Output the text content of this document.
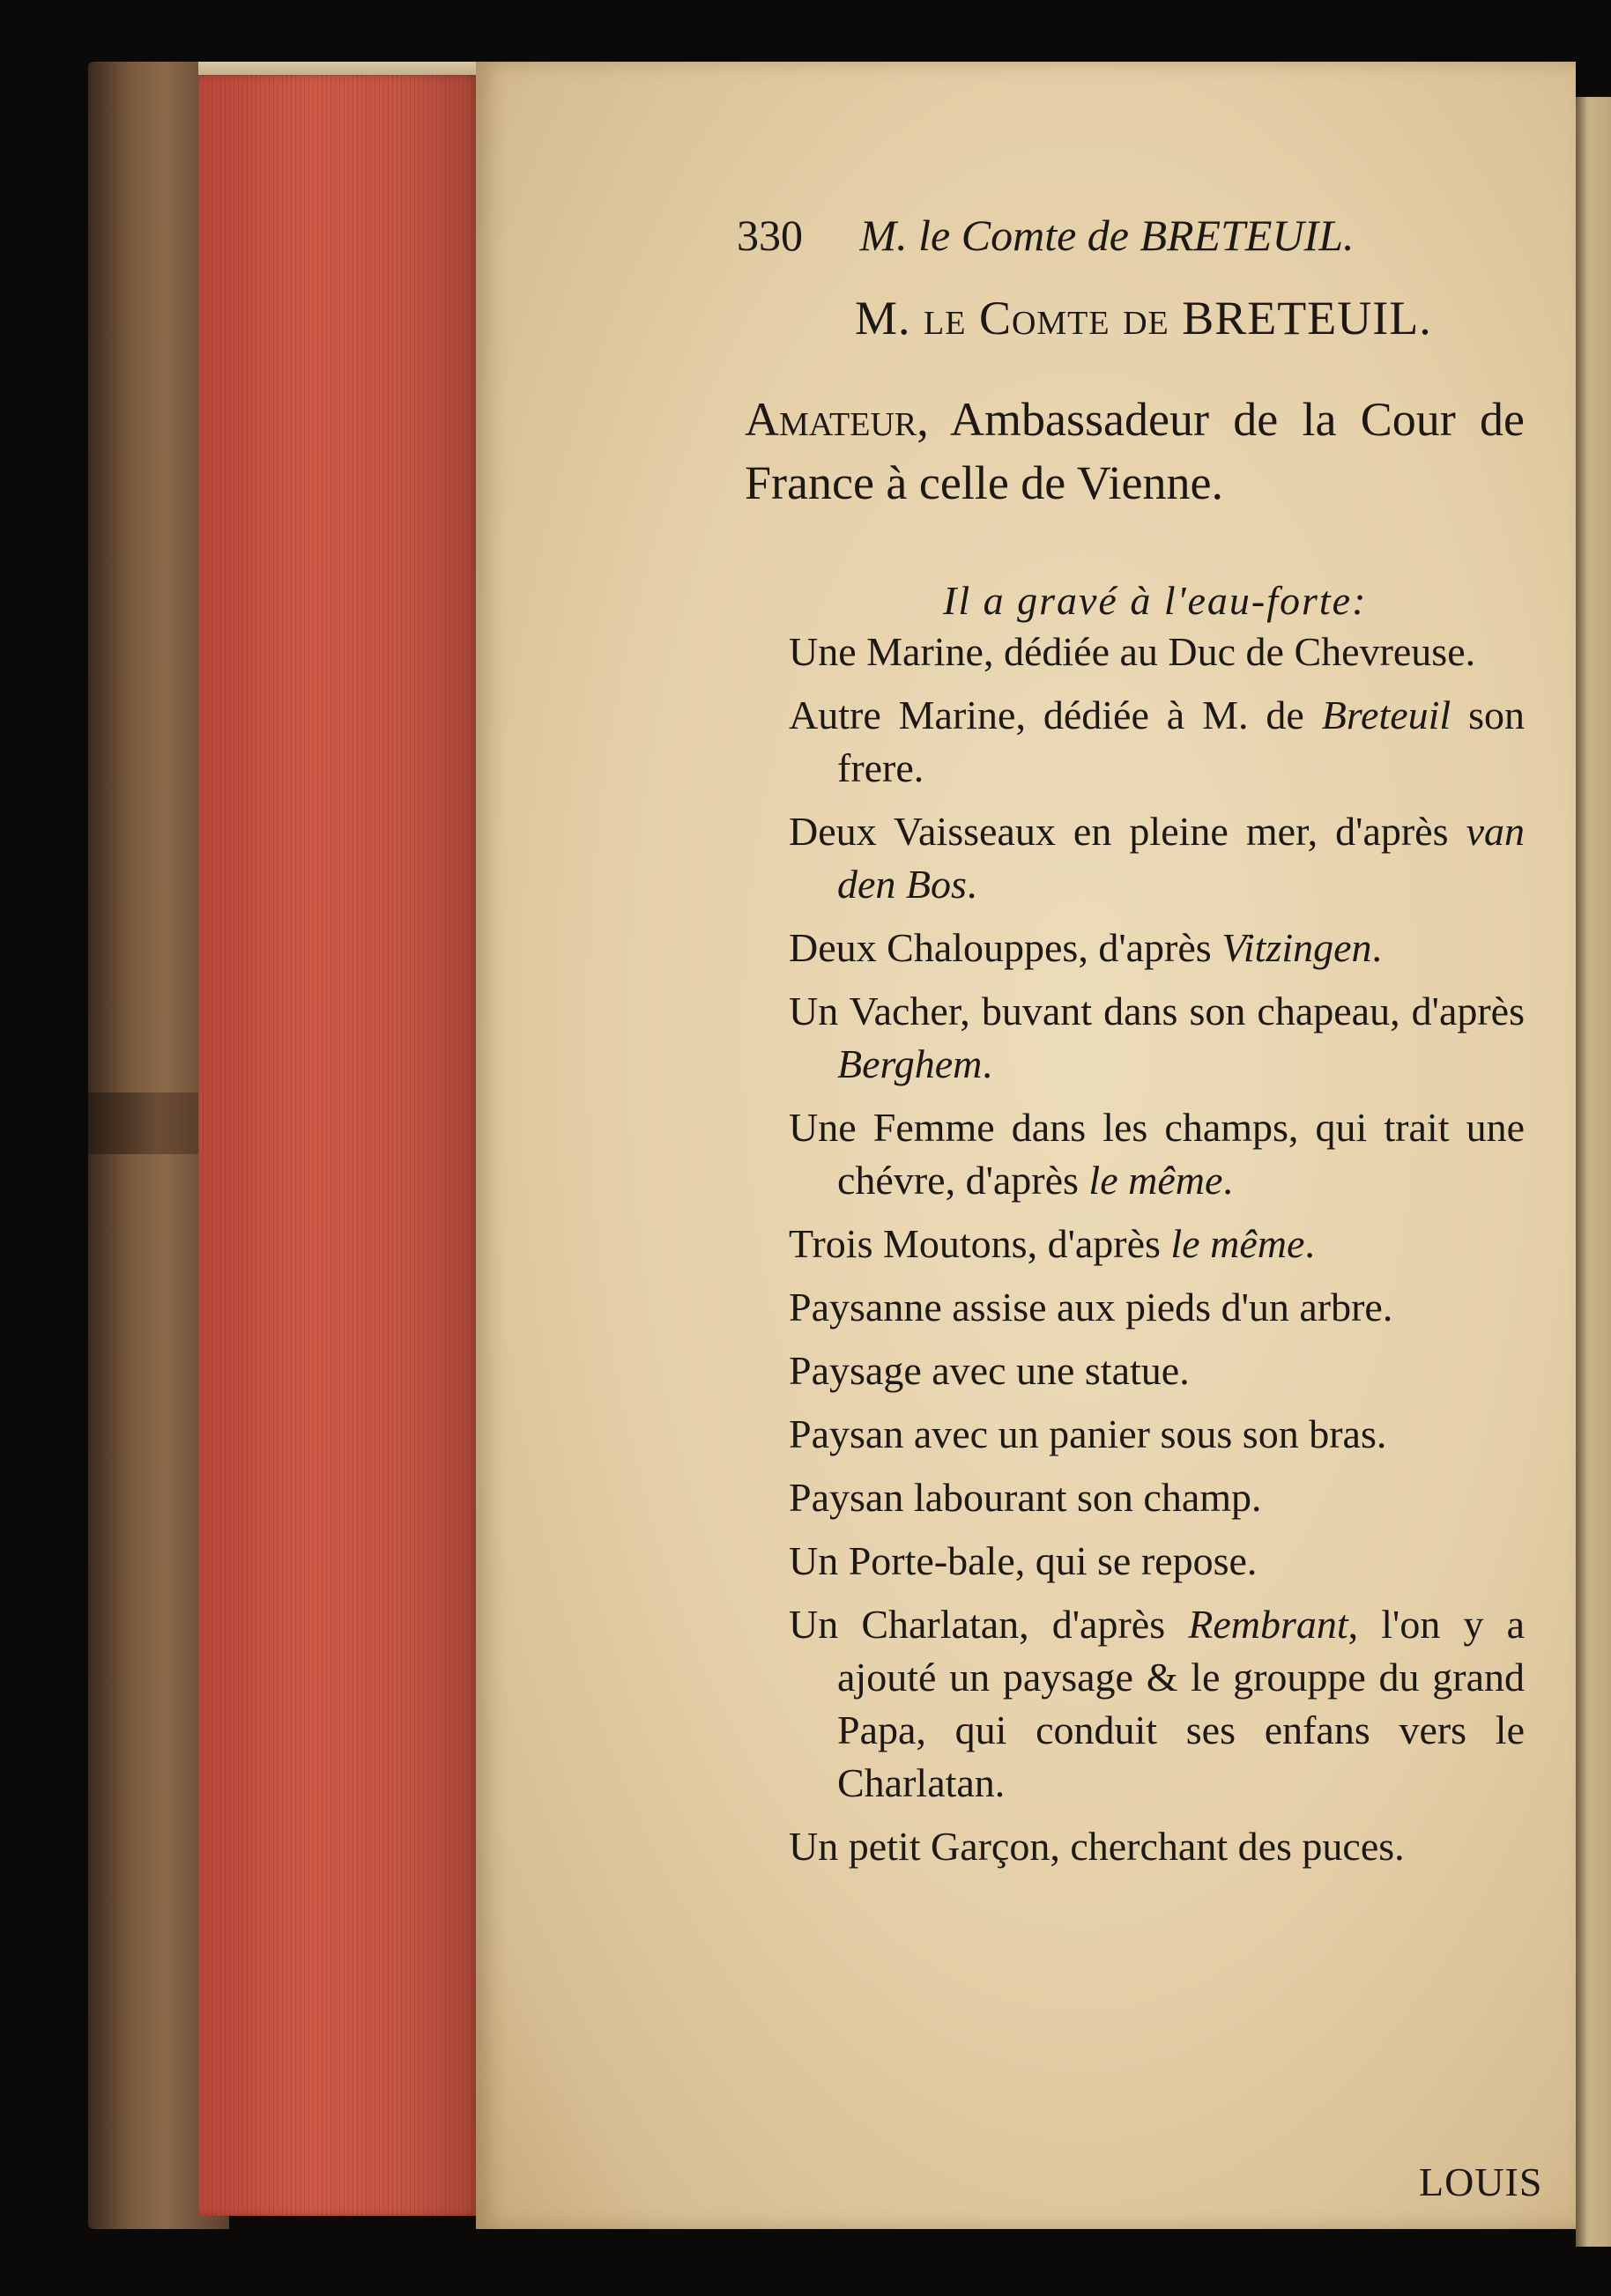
330 M. le Comte de BRETEUIL.
M. le Comte de BRETEUIL.
Amateur, Ambassadeur de la Cour de France à celle de Vienne.
Il a gravé à l'eau-forte:
Une Marine, dédiée au Duc de Chevreuse.
Autre Marine, dédiée à M. de Breteuil son frere.
Deux Vaisseaux en pleine mer, d'après van den Bos.
Deux Chalouppes, d'après Vitzingen.
Un Vacher, buvant dans son chapeau, d'après Berghem.
Une Femme dans les champs, qui trait une chévre, d'après le même.
Trois Moutons, d'après le même.
Paysanne assise aux pieds d'un arbre.
Paysage avec une statue.
Paysan avec un panier sous son bras.
Paysan labourant son champ.
Un Porte-bale, qui se repose.
Un Charlatan, d'après Rembrant, l'on y a ajouté un paysage & le grouppe du grand Papa, qui conduit ses enfans vers le Charlatan.
Un petit Garçon, cherchant des puces.
LOUIS
